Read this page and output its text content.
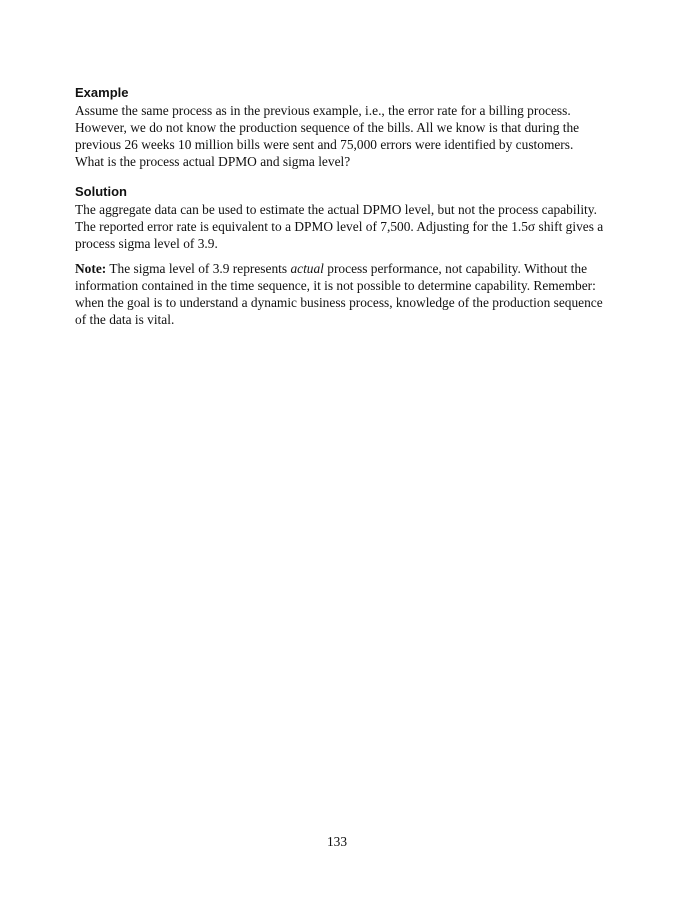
Example

Assume the same process as in the previous example, i.e., the error rate for a billing process. However, we do not know the production sequence of the bills. All we know is that during the previous 26 weeks 10 million bills were sent and 75,000 errors were identified by customers. What is the process actual DPMO and sigma level?

Solution

The aggregate data can be used to estimate the actual DPMO level, but not the process capability. The reported error rate is equivalent to a DPMO level of 7,500. Adjusting for the 1.5σ shift gives a process sigma level of 3.9.

Note: The sigma level of 3.9 represents actual process performance, not capability. Without the information contained in the time sequence, it is not possible to determine capability. Remember: when the goal is to understand a dynamic business process, knowledge of the production sequence of the data is vital.

133
